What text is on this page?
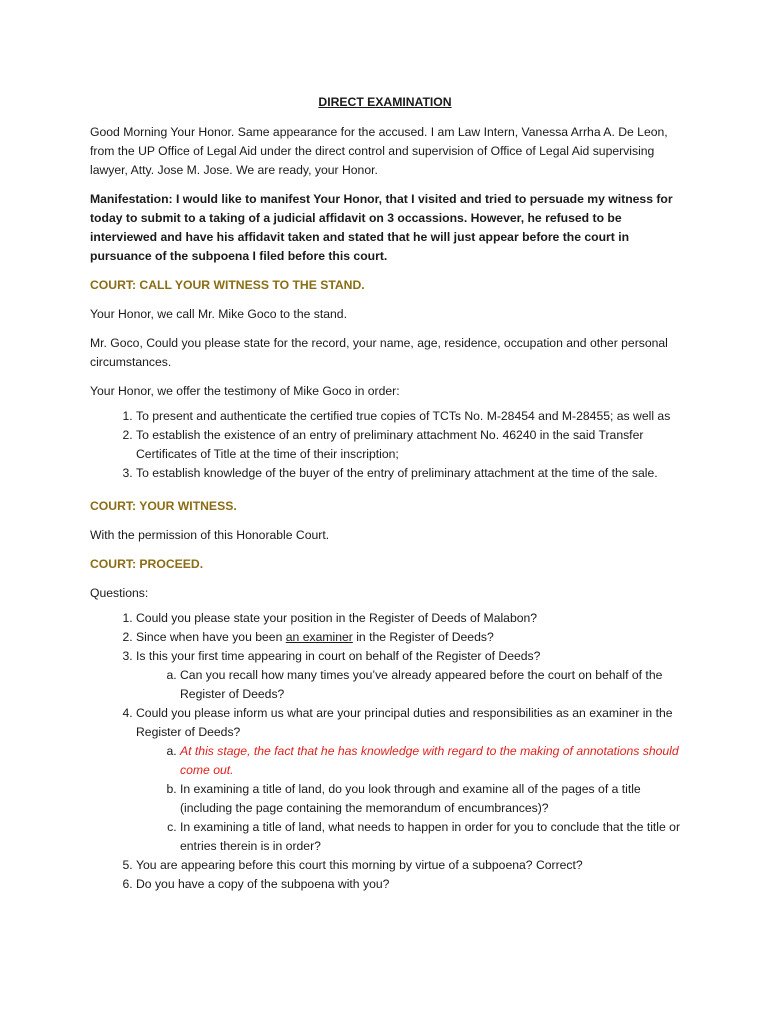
DIRECT EXAMINATION

Good Morning Your Honor. Same appearance for the accused. I am Law Intern, Vanessa Arrha A. De Leon, from the UP Office of Legal Aid under the direct control and supervision of Office of Legal Aid supervising lawyer, Atty. Jose M. Jose. We are ready, your Honor.

Manifestation: I would like to manifest Your Honor, that I visited and tried to persuade my witness for today to submit to a taking of a judicial affidavit on 3 occassions. However, he refused to be interviewed and have his affidavit taken and stated that he will just appear before the court in pursuance of the subpoena I filed before this court.

COURT: CALL YOUR WITNESS TO THE STAND.

Your Honor, we call Mr. Mike Goco to the stand.

Mr. Goco, Could you please state for the record, your name, age, residence, occupation and other personal circumstances.

Your Honor, we offer the testimony of Mike Goco in order:

1. To present and authenticate the certified true copies of TCTs No. M-28454 and M-28455; as well as
2. To establish the existence of an entry of preliminary attachment No. 46240 in the said Transfer Certificates of Title at the time of their inscription;
3. To establish knowledge of the buyer of the entry of preliminary attachment at the time of the sale.

COURT: YOUR WITNESS.

With the permission of this Honorable Court.

COURT: PROCEED.

Questions:

1. Could you please state your position in the Register of Deeds of Malabon?
2. Since when have you been an examiner in the Register of Deeds?
3. Is this your first time appearing in court on behalf of the Register of Deeds?
a. Can you recall how many times you’ve already appeared before the court on behalf of the Register of Deeds?
4. Could you please inform us what are your principal duties and responsibilities as an examiner in the Register of Deeds?
a. At this stage, the fact that he has knowledge with regard to the making of annotations should come out.
b. In examining a title of land, do you look through and examine all of the pages of a title (including the page containing the memorandum of encumbrances)?
c. In examining a title of land, what needs to happen in order for you to conclude that the title or entries therein is in order?
5. You are appearing before this court this morning by virtue of a subpoena? Correct?
6. Do you have a copy of the subpoena with you?
